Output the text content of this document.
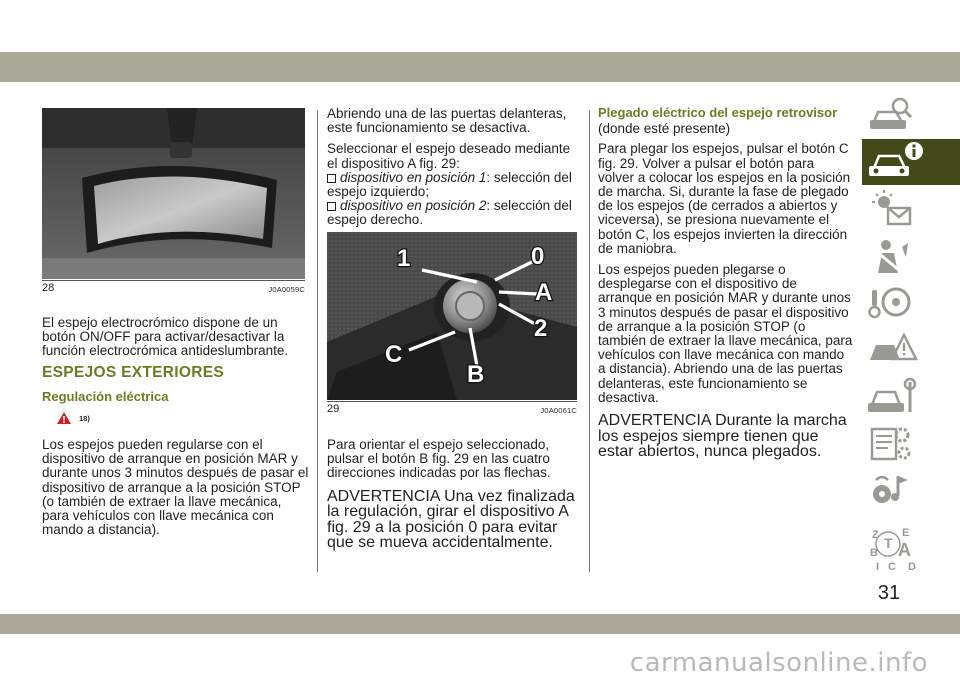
28	J0A0059C

El espejo electrocrómico dispone de un botón ON/OFF para activar/desactivar la función electrocrómica antideslumbrante.

ESPEJOS EXTERIORES
Regulación eléctrica
18)

Los espejos pueden regularse con el dispositivo de arranque en posición MAR y durante unos 3 minutos después de pasar el dispositivo de arranque a la posición STOP (o también de extraer la llave mecánica, para vehículos con llave mecánica con mando a distancia).

Abriendo una de las puertas delanteras, este funcionamiento se desactiva.

Seleccionar el espejo deseado mediante el dispositivo A fig. 29:

dispositivo en posición 1: selección del espejo izquierdo;
dispositivo en posición 2: selección del espejo derecho.
1	0
A
2
C
B
29	J0A0061C

Para orientar el espejo seleccionado, pulsar el botón B fig. 29 en las cuatro direcciones indicadas por las flechas.

ADVERTENCIA Una vez finalizada la regulación, girar el dispositivo A fig. 29 a la posición 0 para evitar que se mueva accidentalmente.

Plegado eléctrico del espejo retrovisor

(donde esté presente)

Para plegar los espejos, pulsar el botón C fig. 29. Volver a pulsar el botón para volver a colocar los espejos en la posición de marcha. Si, durante la fase de plegado de los espejos (de cerrados a abiertos y viceversa), se presiona nuevamente el botón C, los espejos invierten la dirección de maniobra.

Los espejos pueden plegarse o desplegarse con el dispositivo de arranque en posición MAR y durante unos 3 minutos después de pasar el dispositivo de arranque a la posición STOP (o también de extraer la llave mecánica, para vehículos con llave mecánica con mando a distancia). Abriendo una de las puertas delanteras, este funcionamiento se desactiva.

ADVERTENCIA Durante la marcha los espejos siempre tienen que estar abiertos, nunca plegados.

Z E
B A
C D
I
T
31
carmanualsonline.info
